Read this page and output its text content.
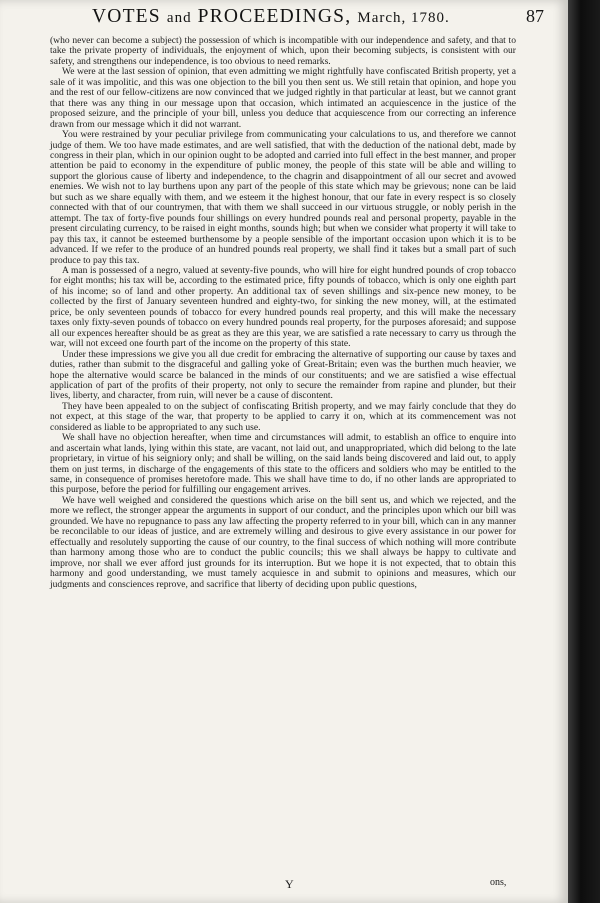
VOTES and PROCEEDINGS, March, 1780.	87

(who never can become a subject) the possession of which is incompatible with our independence and safety, and that to take the private property of individuals, the enjoyment of which, upon their becoming subjects, is consistent with our safety, and strengthens our independence, is too obvious to need remarks.

We were at the last session of opinion, that even admitting we might rightfully have confiscated British property, yet a sale of it was impolitic, and this was one objection to the bill you then sent us. We still retain that opinion, and hope you and the rest of our fellow-citizens are now convinced that we judged rightly in that particular at least, but we cannot grant that there was any thing in our message upon that occasion, which intimated an acquiescence in the justice of the proposed seizure, and the principle of your bill, unless you deduce that acquiescence from our correcting an inference drawn from our message which it did not warrant.

You were restrained by your peculiar privilege from communicating your calculations to us, and therefore we cannot judge of them. We too have made estimates, and are well satisfied, that with the deduction of the national debt, made by congress in their plan, which in our opinion ought to be adopted and carried into full effect in the best manner, and proper attention be paid to economy in the expenditure of public money, the people of this state will be able and willing to support the glorious cause of liberty and independence, to the chagrin and disappointment of all our secret and avowed enemies. We wish not to lay burthens upon any part of the people of this state which may be grievous; none can be laid but such as we share equally with them, and we esteem it the highest honour, that our fate in every respect is so closely connected with that of our countrymen, that with them we shall succeed in our virtuous struggle, or nobly perish in the attempt. The tax of forty-five pounds four shillings on every hundred pounds real and personal property, payable in the present circulating currency, to be raised in eight months, sounds high; but when we consider what property it will take to pay this tax, it cannot be esteemed burthensome by a people sensible of the important occasion upon which it is to be advanced. If we refer to the produce of an hundred pounds real property, we shall find it takes but a small part of such produce to pay this tax.

A man is possessed of a negro, valued at seventy-five pounds, who will hire for eight hundred pounds of crop tobacco for eight months; his tax will be, according to the estimated price, fifty pounds of tobacco, which is only one eighth part of his income; so of land and other property. An additional tax of seven shillings and six-pence new money, to be collected by the first of January seventeen hundred and eighty-two, for sinking the new money, will, at the estimated price, be only seventeen pounds of tobacco for every hundred pounds real property, and this will make the necessary taxes only fixty-seven pounds of tobacco on every hundred pounds real property, for the purposes aforesaid; and suppose all our expences hereafter should be as great as they are this year, we are satisfied a rate necessary to carry us through the war, will not exceed one fourth part of the income on the property of this state.

Under these impressions we give you all due credit for embracing the alternative of supporting our cause by taxes and duties, rather than submit to the disgraceful and galling yoke of Great-Britain; even was the burthen much heavier, we hope the alternative would scarce be balanced in the minds of our constituents; and we are satisfied a wise effectual application of part of the profits of their property, not only to secure the remainder from rapine and plunder, but their lives, liberty, and character, from ruin, will never be a cause of discontent.

They have been appealed to on the subject of confiscating British property, and we may fairly conclude that they do not expect, at this stage of the war, that property to be applied to carry it on, which at its commencement was not considered as liable to be appropriated to any such use.

We shall have no objection hereafter, when time and circumstances will admit, to establish an office to enquire into and ascertain what lands, lying within this state, are vacant, not laid out, and unappropriated, which did belong to the late proprietary, in virtue of his seigniory only; and shall be willing, on the said lands being discovered and laid out, to apply them on just terms, in discharge of the engagements of this state to the officers and soldiers who may be entitled to the same, in consequence of promises heretofore made. This we shall have time to do, if no other lands are appropriated to this purpose, before the period for fulfilling our engagement arrives.

We have well weighed and considered the questions which arise on the bill sent us, and which we rejected, and the more we reflect, the stronger appear the arguments in support of our conduct, and the principles upon which our bill was grounded. We have no repugnance to pass any law affecting the property referred to in your bill, which can in any manner be reconcilable to our ideas of justice, and are extremely willing and desirous to give every assistance in our power for effectually and resolutely supporting the cause of our country, to the final success of which nothing will more contribute than harmony among those who are to conduct the public councils; this we shall always be happy to cultivate and improve, nor shall we ever afford just grounds for its interruption. But we hope it is not expected, that to obtain this harmony and good understanding, we must tamely acquiesce in and submit to opinions and measures, which our judgments and consciences reprove, and sacrifice that liberty of deciding upon public questions,

Y	ons,
